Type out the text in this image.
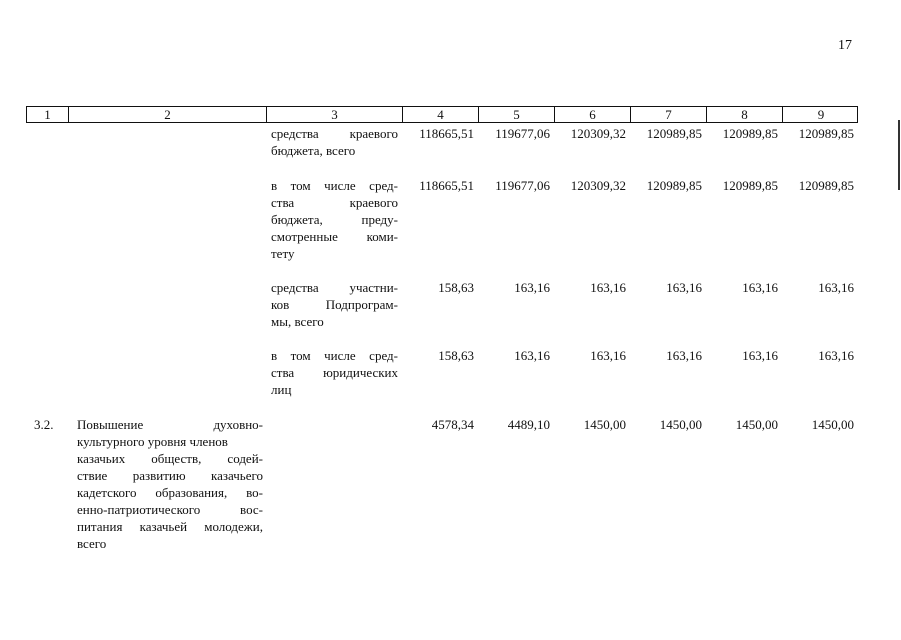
17
1	2	3	4	5	6	7	8	9
средства краевого
бюджета, всего
118665,51	119677,06	120309,32	120989,85	120989,85	120989,85
в том числе сред-
ства краевого
бюджета, преду-
смотренные коми-
тету
118665,51	119677,06	120309,32	120989,85	120989,85	120989,85
средства участни-
ков Подпрограм-
мы, всего
158,63	163,16	163,16	163,16	163,16	163,16
в том числе сред-
ства юридических
лиц
158,63	163,16	163,16	163,16	163,16	163,16
3.2.	Повышение духовно-
культурного уровня членов
казачьих обществ, содей-
ствие развитию казачьего
кадетского образования, во-
енно-патриотического вос-
питания казачьей молодежи,
всего
4578,34	4489,10	1450,00	1450,00	1450,00	1450,00
